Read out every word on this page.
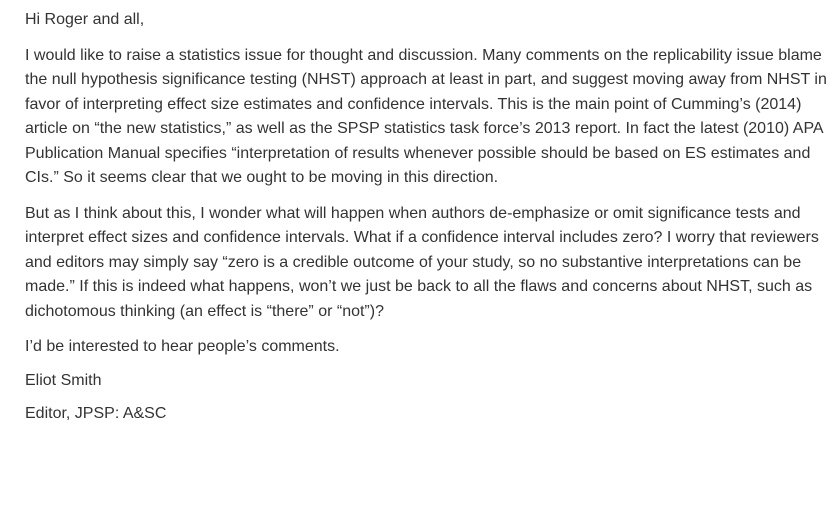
Hi Roger and all,

I would like to raise a statistics issue for thought and discussion. Many comments on the replicability issue blame the null hypothesis significance testing (NHST) approach at least in part, and suggest moving away from NHST in favor of interpreting effect size estimates and confidence intervals. This is the main point of Cumming’s (2014) article on “the new statistics,” as well as the SPSP statistics task force’s 2013 report. In fact the latest (2010) APA Publication Manual specifies “interpretation of results whenever possible should be based on ES estimates and CIs.” So it seems clear that we ought to be moving in this direction.

But as I think about this, I wonder what will happen when authors de-emphasize or omit significance tests and interpret effect sizes and confidence intervals. What if a confidence interval includes zero? I worry that reviewers and editors may simply say “zero is a credible outcome of your study, so no substantive interpretations can be made.” If this is indeed what happens, won’t we just be back to all the flaws and concerns about NHST, such as dichotomous thinking (an effect is “there” or “not”)?

I’d be interested to hear people’s comments.

Eliot Smith

Editor, JPSP: A&SC
